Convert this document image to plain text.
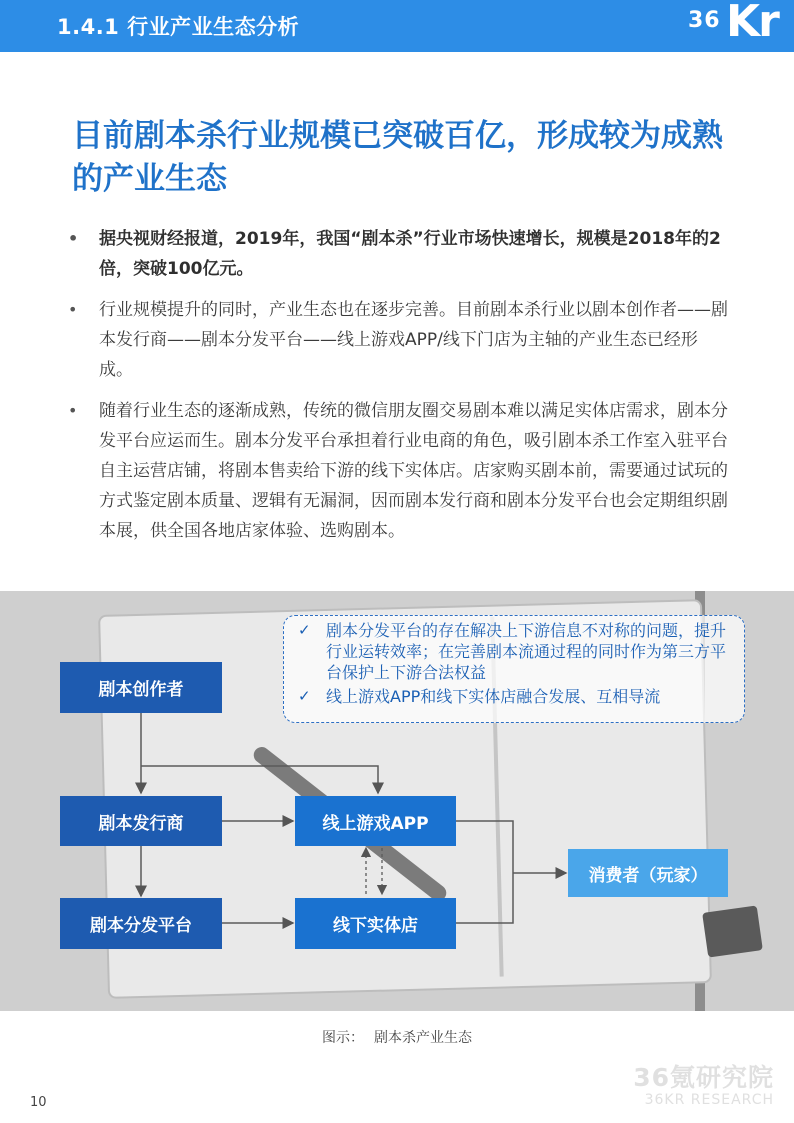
1.4.1 行业产业生态分析	36 Kr
目前剧本杀行业规模已突破百亿，形成较为成熟的产业生态
• 据央视财经报道，2019年，我国“剧本杀”行业市场快速增长，规模是2018年的2倍，突破100亿元。
• 行业规模提升的同时，产业生态也在逐步完善。目前剧本杀行业以剧本创作者——剧本发行商——剧本分发平台——线上游戏APP/线下门店为主轴的产业生态已经形成。
• 随着行业生态的逐渐成熟，传统的微信朋友圈交易剧本难以满足实体店需求，剧本分发平台应运而生。剧本分发平台承担着行业电商的角色，吸引剧本杀工作室入驻平台自主运营店铺，将剧本售卖给下游的线下实体店。店家购买剧本前，需要通过试玩的方式鉴定剧本质量、逻辑有无漏洞，因而剧本发行商和剧本分发平台也会定期组织剧本展，供全国各地店家体验、选购剧本。
✓ 剧本分发平台的存在解决上下游信息不对称的问题，提升行业运转效率；在完善剧本流通过程的同时作为第三方平台保护上下游合法权益
✓ 线上游戏APP和线下实体店融合发展、互相导流
剧本创作者
剧本发行商
剧本分发平台
线上游戏APP
线下实体店
消费者（玩家）
图示： 剧本杀产业生态
36氪研究院
36KR RESEARCH
10
